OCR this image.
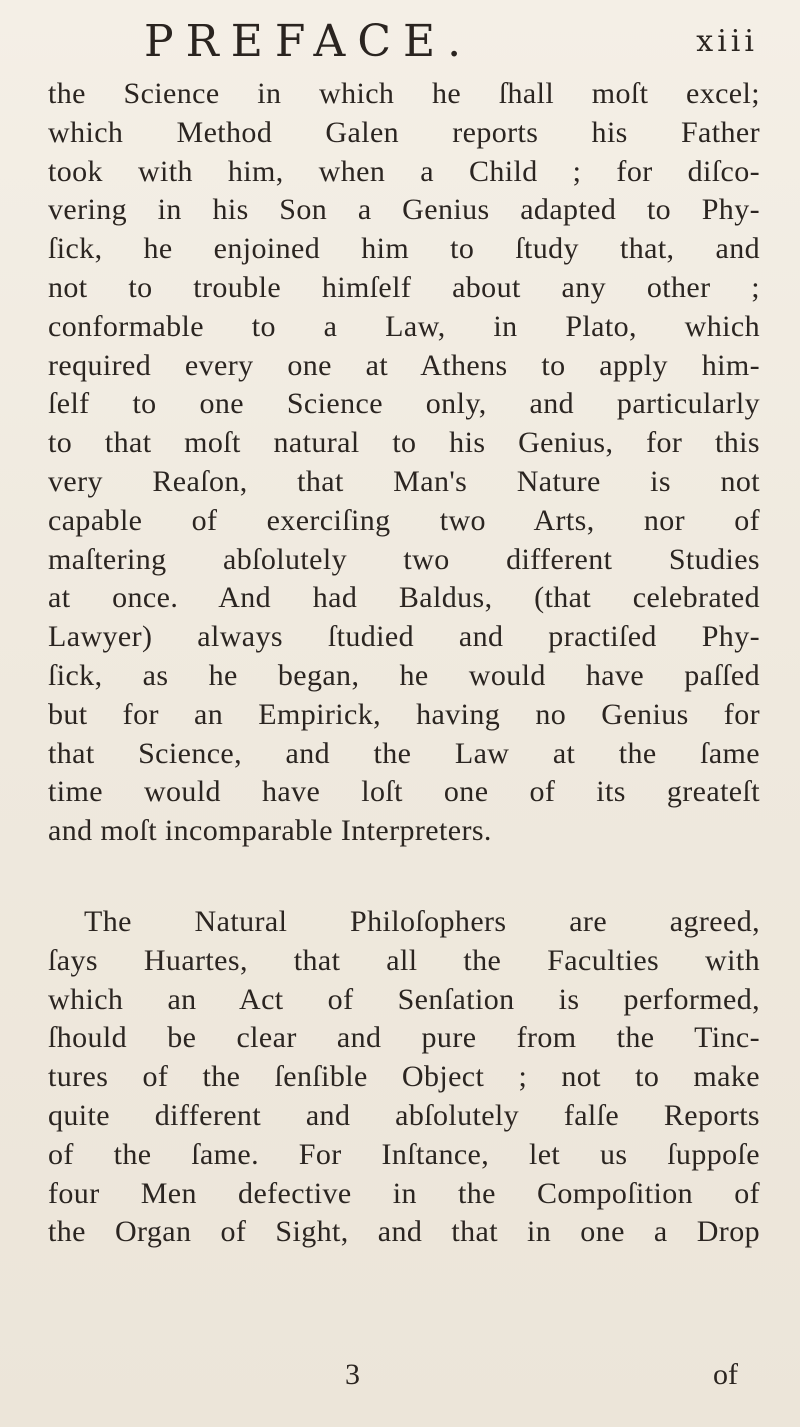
PREFACE.	xiii
the Science in which he ſhall moſt excel;
which Method Galen reports his Father
took with him, when a Child ; for diſco-
vering in his Son a Genius adapted to Phy-
ſick, he enjoined him to ſtudy that, and
not to trouble himſelf about any other ;
conformable to a Law, in Plato, which
required every one at Athens to apply him-
ſelf to one Science only, and particularly
to that moſt natural to his Genius, for this
very Reaſon, that Man's Nature is not
capable of exerciſing two Arts, nor of
maſtering abſolutely two different Studies
at once. And had Baldus, (that celebrated
Lawyer) always ſtudied and practiſed Phy-
ſick, as he began, he would have paſſed
but for an Empirick, having no Genius for
that Science, and the Law at the ſame
time would have loſt one of its greateſt
and moſt incomparable Interpreters.
The Natural Philoſophers are agreed,
ſays Huartes, that all the Faculties with
which an Act of Senſation is performed,
ſhould be clear and pure from the Tinc-
tures of the ſenſible Object ; not to make
quite different and abſolutely falſe Reports
of the ſame. For Inſtance, let us ſuppoſe
four Men defective in the Compoſition of
the Organ of Sight, and that in one a Drop
3	of
